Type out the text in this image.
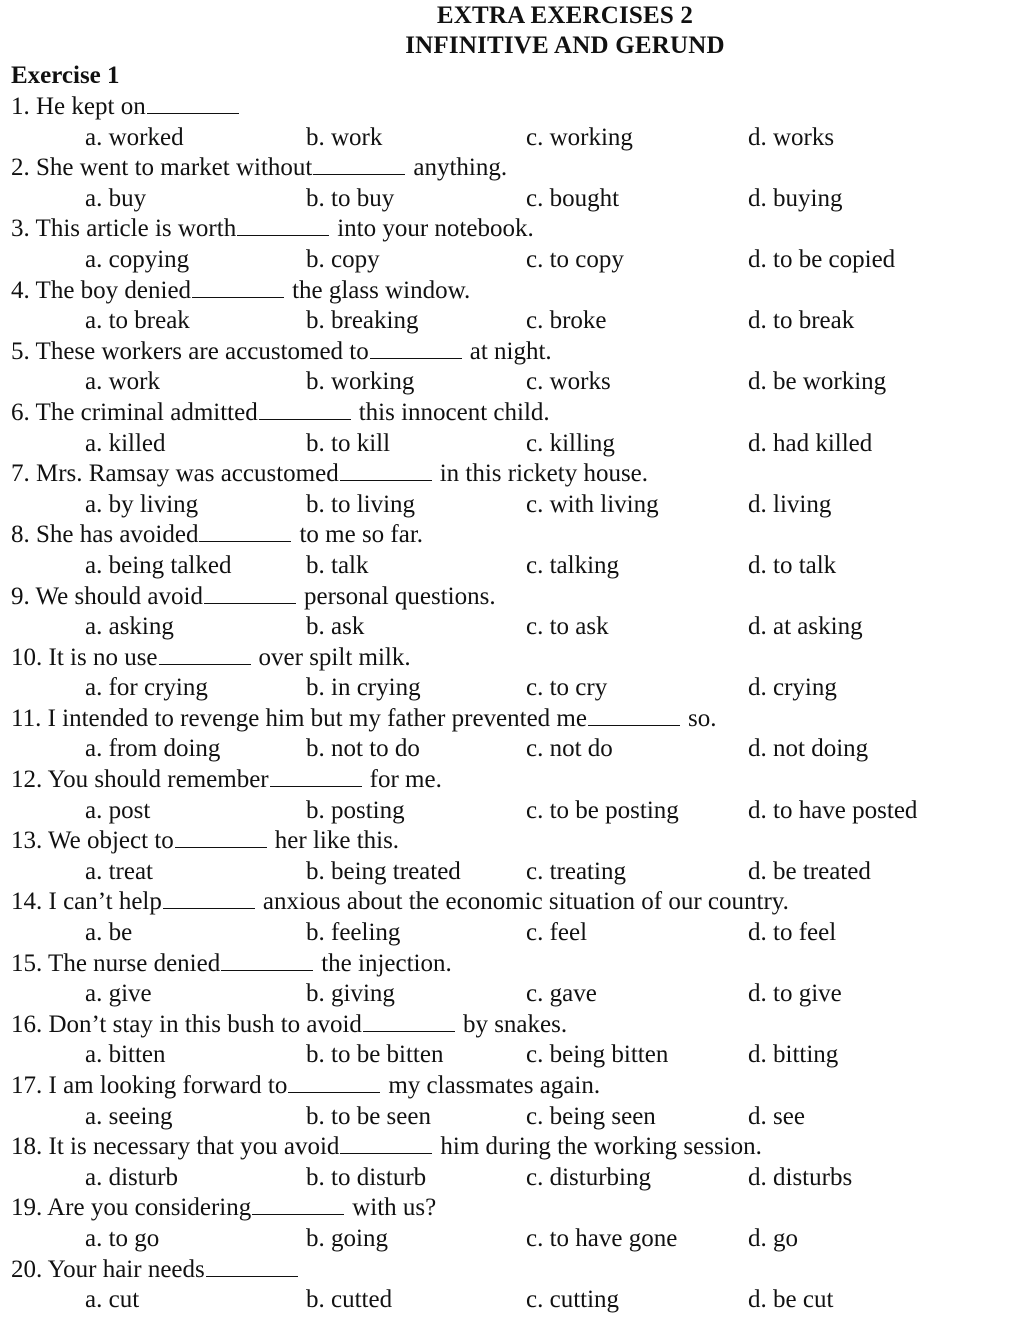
EXTRA EXERCISES 2
INFINITIVE AND GERUND
Exercise 1
1. He kept on
a. worked	b. work	c. working	d. works
2. She went to market without	anything.
a. buy	b. to buy	c. bought	d. buying
3. This article is worth	into your notebook.
a. copying	b. copy	c. to copy	d. to be copied
4. The boy denied	the glass window.
a. to break	b. breaking	c. broke	d. to break
5. These workers are accustomed to	at night.
a. work	b. working	c. works	d. be working
6. The criminal admitted	this innocent child.
a. killed	b. to kill	c. killing	d. had killed
7. Mrs. Ramsay was accustomed	in this rickety house.
a. by living	b. to living	c. with living	d. living
8. She has avoided	to me so far.
a. being talked	b. talk	c. talking	d. to talk
9. We should avoid	personal questions.
a. asking	b. ask	c. to ask	d. at asking
10. It is no use	over spilt milk.
a. for crying	b. in crying	c. to cry	d. crying
11. I intended to revenge him but my father prevented me	so.
a. from doing	b. not to do	c. not do	d. not doing
12. You should remember	for me.
a. post	b. posting	c. to be posting	d. to have posted
13. We object to	her like this.
a. treat	b. being treated	c. treating	d. be treated
14. I can’t help	anxious about the economic situation of our country.
a. be	b. feeling	c. feel	d. to feel
15. The nurse denied	the injection.
a. give	b. giving	c. gave	d. to give
16. Don’t stay in this bush to avoid	by snakes.
a. bitten	b. to be bitten	c. being bitten	d. bitting
17. I am looking forward to	my classmates again.
a. seeing	b. to be seen	c. being seen	d. see
18. It is necessary that you avoid	him during the working session.
a. disturb	b. to disturb	c. disturbing	d. disturbs
19. Are you considering	with us?
a. to go	b. going	c. to have gone	d. go
20. Your hair needs
a. cut	b. cutted	c. cutting	d. be cut
